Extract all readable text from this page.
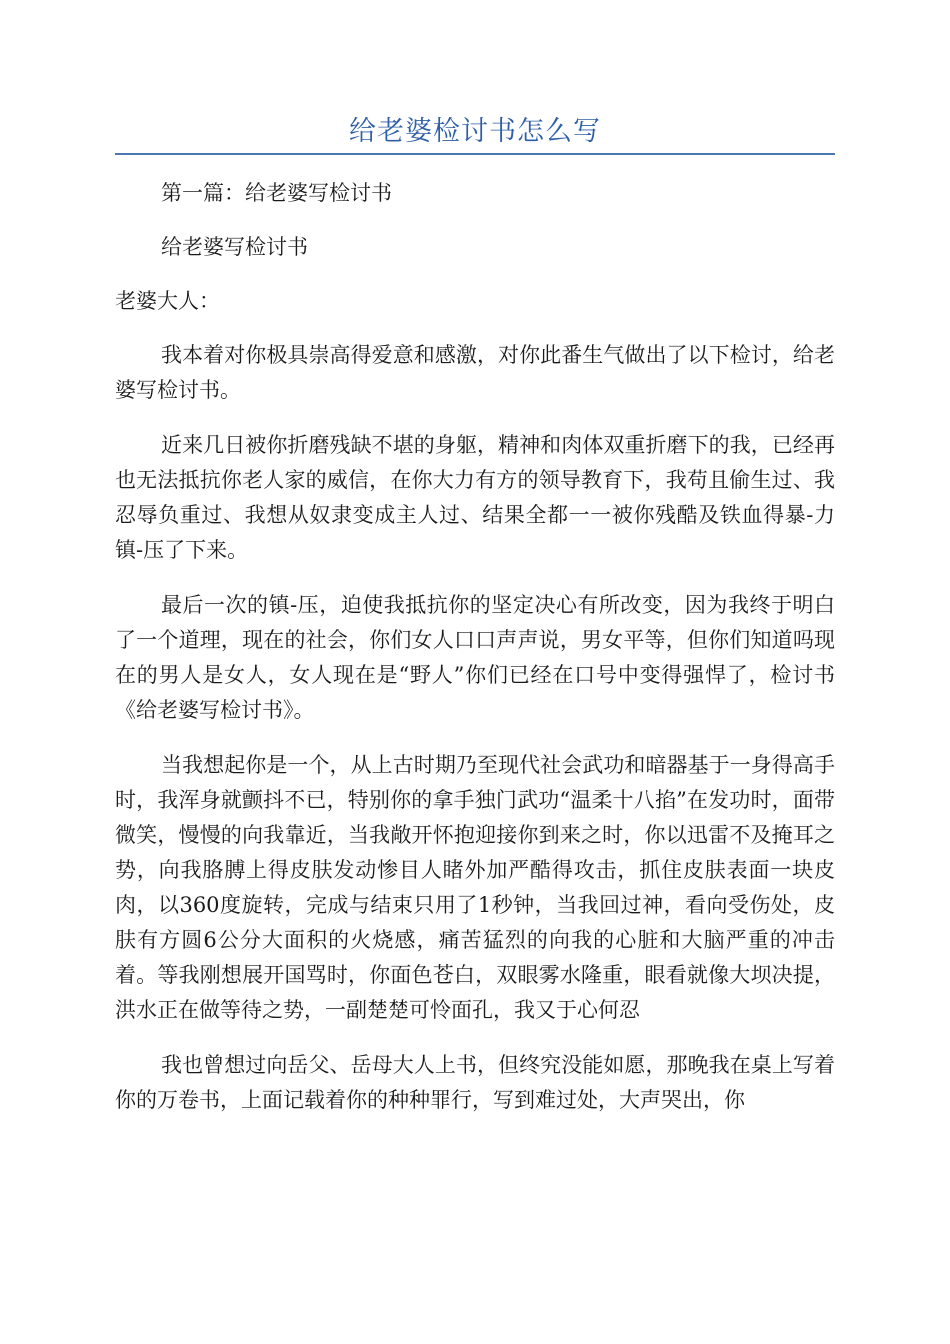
给老婆检讨书怎么写

第一篇：给老婆写检讨书

给老婆写检讨书

老婆大人：

我本着对你极具崇高得爱意和感激，对你此番生气做出了以下检讨，给老婆写检讨书。

近来几日被你折磨残缺不堪的身躯，精神和肉体双重折磨下的我，已经再也无法抵抗你老人家的威信，在你大力有方的领导教育下，我苟且偷生过、我忍辱负重过、我想从奴隶变成主人过、结果全都一一被你残酷及铁血得暴-力镇-压了下来。

最后一次的镇-压，迫使我抵抗你的坚定决心有所改变，因为我终于明白了一个道理，现在的社会，你们女人口口声声说，男女平等，但你们知道吗现在的男人是女人，女人现在是“野人”你们已经在口号中变得强悍了，检讨书《给老婆写检讨书》。

当我想起你是一个，从上古时期乃至现代社会武功和暗器基于一身得高手时，我浑身就颤抖不已，特别你的拿手独门武功“温柔十八掐”在发功时，面带微笑，慢慢的向我靠近，当我敞开怀抱迎接你到来之时，你以迅雷不及掩耳之势，向我胳膊上得皮肤发动惨目人睹外加严酷得攻击，抓住皮肤表面一块皮肉，以360度旋转，完成与结束只用了1秒钟，当我回过神，看向受伤处，皮肤有方圆6公分大面积的火烧感，痛苦猛烈的向我的心脏和大脑严重的冲击着。等我刚想展开国骂时，你面色苍白，双眼雾水隆重，眼看就像大坝决提，洪水正在做等待之势，一副楚楚可怜面孔，我又于心何忍

我也曾想过向岳父、岳母大人上书，但终究没能如愿，那晚我在桌上写着你的万卷书，上面记载着你的种种罪行，写到难过处，大声哭出，你
